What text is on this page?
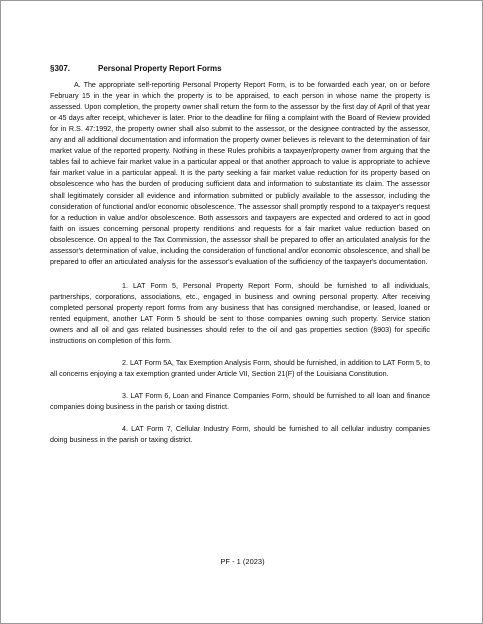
§307.	Personal Property Report Forms

A. The appropriate self-reporting Personal Property Report Form, is to be forwarded each year, on or before February 15 in the year in which the property is to be appraised, to each person in whose name the property is assessed. Upon completion, the property owner shall return the form to the assessor by the first day of April of that year or 45 days after receipt, whichever is later. Prior to the deadline for filing a complaint with the Board of Review provided for in R.S. 47:1992, the property owner shall also submit to the assessor, or the designee contracted by the assessor, any and all additional documentation and information the property owner believes is relevant to the determination of fair market value of the reported property. Nothing in these Rules prohibits a taxpayer/property owner from arguing that the tables fail to achieve fair market value in a particular appeal or that another approach to value is appropriate to achieve fair market value in a particular appeal. It is the party seeking a fair market value reduction for its property based on obsolescence who has the burden of producing sufficient data and information to substantiate its claim. The assessor shall legitimately consider all evidence and information submitted or publicly available to the assessor, including the consideration of functional and/or economic obsolescence. The assessor shall promptly respond to a taxpayer's request for a reduction in value and/or obsolescence. Both assessors and taxpayers are expected and ordered to act in good faith on issues concerning personal property renditions and requests for a fair market value reduction based on obsolescence. On appeal to the Tax Commission, the assessor shall be prepared to offer an articulated analysis for the assessor's determination of value, including the consideration of functional and/or economic obsolescence, and shall be prepared to offer an articulated analysis for the assessor's evaluation of the sufficiency of the taxpayer's documentation.

1. LAT Form 5, Personal Property Report Form, should be furnished to all individuals, partnerships, corporations, associations, etc., engaged in business and owning personal property. After receiving completed personal property report forms from any business that has consigned merchandise, or leased, loaned or rented equipment, another LAT Form 5 should be sent to those companies owning such property. Service station owners and all oil and gas related businesses should refer to the oil and gas properties section (§903) for specific instructions on completion of this form.

2. LAT Form 5A, Tax Exemption Analysis Form, should be furnished, in addition to LAT Form 5, to all concerns enjoying a tax exemption granted under Article VII, Section 21(F) of the Louisiana Constitution.

3. LAT Form 6, Loan and Finance Companies Form, should be furnished to all loan and finance companies doing business in the parish or taxing district.

4. LAT Form 7, Cellular Industry Form, should be furnished to all cellular industry companies doing business in the parish or taxing district.

PF - 1 (2023)
